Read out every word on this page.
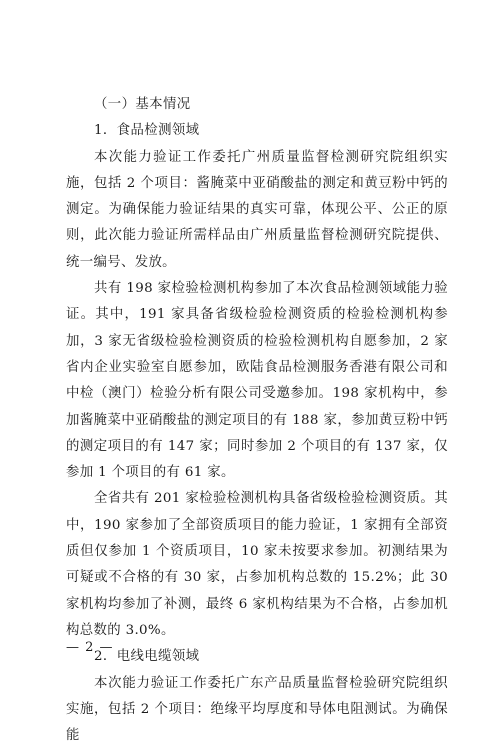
（一）基本情况

1．食品检测领域

本次能力验证工作委托广州质量监督检测研究院组织实施，包括 2 个项目：酱腌菜中亚硝酸盐的测定和黄豆粉中钙的测定。为确保能力验证结果的真实可靠，体现公平、公正的原则，此次能力验证所需样品由广州质量监督检测研究院提供、统一编号、发放。

共有 198 家检验检测机构参加了本次食品检测领域能力验证。其中，191 家具备省级检验检测资质的检验检测机构参加，3 家无省级检验检测资质的检验检测机构自愿参加，2 家省内企业实验室自愿参加，欧陆食品检测服务香港有限公司和中检（澳门）检验分析有限公司受邀参加。198 家机构中，参加酱腌菜中亚硝酸盐的测定项目的有 188 家，参加黄豆粉中钙的测定项目的有 147 家；同时参加 2 个项目的有 137 家，仅参加 1 个项目的有 61 家。

全省共有 201 家检验检测机构具备省级检验检测资质。其中，190 家参加了全部资质项目的能力验证，1 家拥有全部资质但仅参加 1 个资质项目，10 家未按要求参加。初测结果为可疑或不合格的有 30 家，占参加机构总数的 15.2%；此 30 家机构均参加了补测，最终 6 家机构结果为不合格，占参加机构总数的 3.0%。

2．电线电缆领域

本次能力验证工作委托广东产品质量监督检验研究院组织实施，包括 2 个项目：绝缘平均厚度和导体电阻测试。为确保能

— 2 —
